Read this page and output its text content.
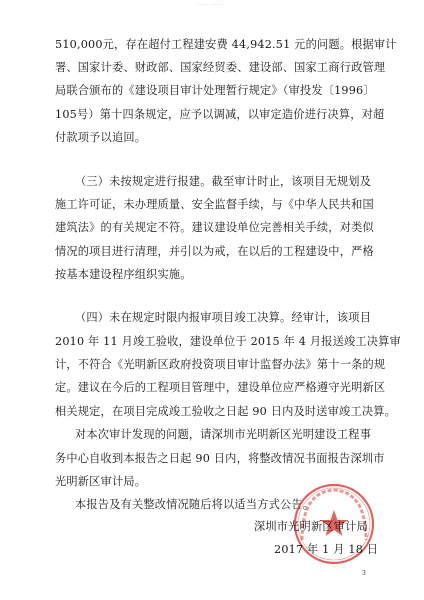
—— ——
510,000元，存在超付工程建安费 44,942.51 元的问题。根据审计
署、国家计委、财政部、国家经贸委、建设部、国家工商行政管理
局联合颁布的《建设项目审计处理暂行规定》（审投发〔1996〕
105号）第十四条规定，应予以调减，以审定造价进行决算，对超
付款项予以追回。
（三）未按规定进行报建。截至审计时止，该项目无规划及
施工许可证，未办理质量、安全监督手续，与《中华人民共和国
建筑法》的有关规定不符。建议建设单位完善相关手续，对类似
情况的项目进行清理，并引以为戒，在以后的工程建设中，严格
按基本建设程序组织实施。
（四）未在规定时限内报审项目竣工决算。经审计，该项目
2010 年 11 月竣工验收，建设单位于 2015 年 4 月报送竣工决算审
计，不符合《光明新区政府投资项目审计监督办法》第十一条的规
定。建议在今后的工程项目管理中，建设单位应严格遵守光明新区
相关规定，在项目完成竣工验收之日起 90 日内及时送审竣工决算。
对本次审计发现的问题，请深圳市光明新区光明建设工程事
务中心自收到本报告之日起 90 日内，将整改情况书面报告深圳市
光明新区审计局。
本报告及有关整改情况随后将以适当方式公告。
深圳市光明新区审计局
2017 年 1 月 18 日
3
